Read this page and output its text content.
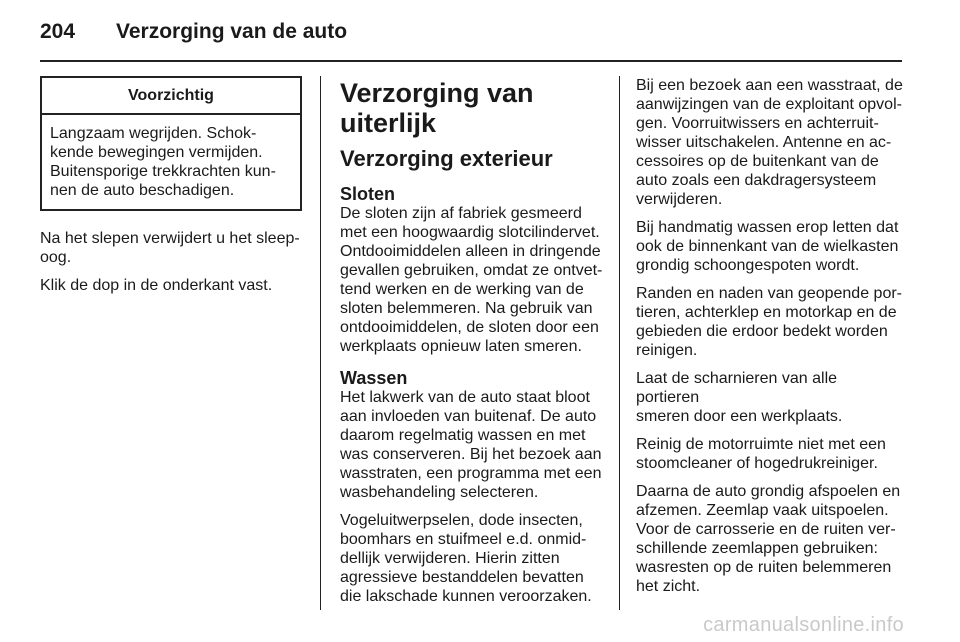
204	Verzorging van de auto
Voorzichtig
Langzaam wegrijden. Schok-
kende bewegingen vermijden.
Buitensporige trekkrachten kun-
nen de auto beschadigen.

Na het slepen verwijdert u het sleep-
oog.

Klik de dop in de onderkant vast.

Verzorging van uiterlijk
Verzorging exterieur
Sloten

De sloten zijn af fabriek gesmeerd
met een hoogwaardig slotcilindervet.
Ontdooimiddelen alleen in dringende
gevallen gebruiken, omdat ze ontvet-
tend werken en de werking van de
sloten belemmeren. Na gebruik van
ontdooimiddelen, de sloten door een
werkplaats opnieuw laten smeren.

Wassen

Het lakwerk van de auto staat bloot
aan invloeden van buitenaf. De auto
daarom regelmatig wassen en met
was conserveren. Bij het bezoek aan
wasstraten, een programma met een
wasbehandeling selecteren.

Vogeluitwerpselen, dode insecten,
boomhars en stuifmeel e.d. onmid-
dellijk verwijderen. Hierin zitten
agressieve bestanddelen bevatten
die lakschade kunnen veroorzaken.

Bij een bezoek aan een wasstraat, de
aanwijzingen van de exploitant opvol-
gen. Voorruitwissers en achterruit-
wisser uitschakelen. Antenne en ac-
cessoires op de buitenkant van de
auto zoals een dakdragersysteem
verwijderen.

Bij handmatig wassen erop letten dat
ook de binnenkant van de wielkasten
grondig schoongespoten wordt.

Randen en naden van geopende por-
tieren, achterklep en motorkap en de
gebieden die erdoor bedekt worden
reinigen.

Laat de scharnieren van alle portieren
smeren door een werkplaats.

Reinig de motorruimte niet met een
stoomcleaner of hogedrukreiniger.

Daarna de auto grondig afspoelen en
afzemen. Zeemlap vaak uitspoelen.
Voor de carrosserie en de ruiten ver-
schillende zeemlappen gebruiken:
wasresten op de ruiten belemmeren
het zicht.

carmanualsonline.info
